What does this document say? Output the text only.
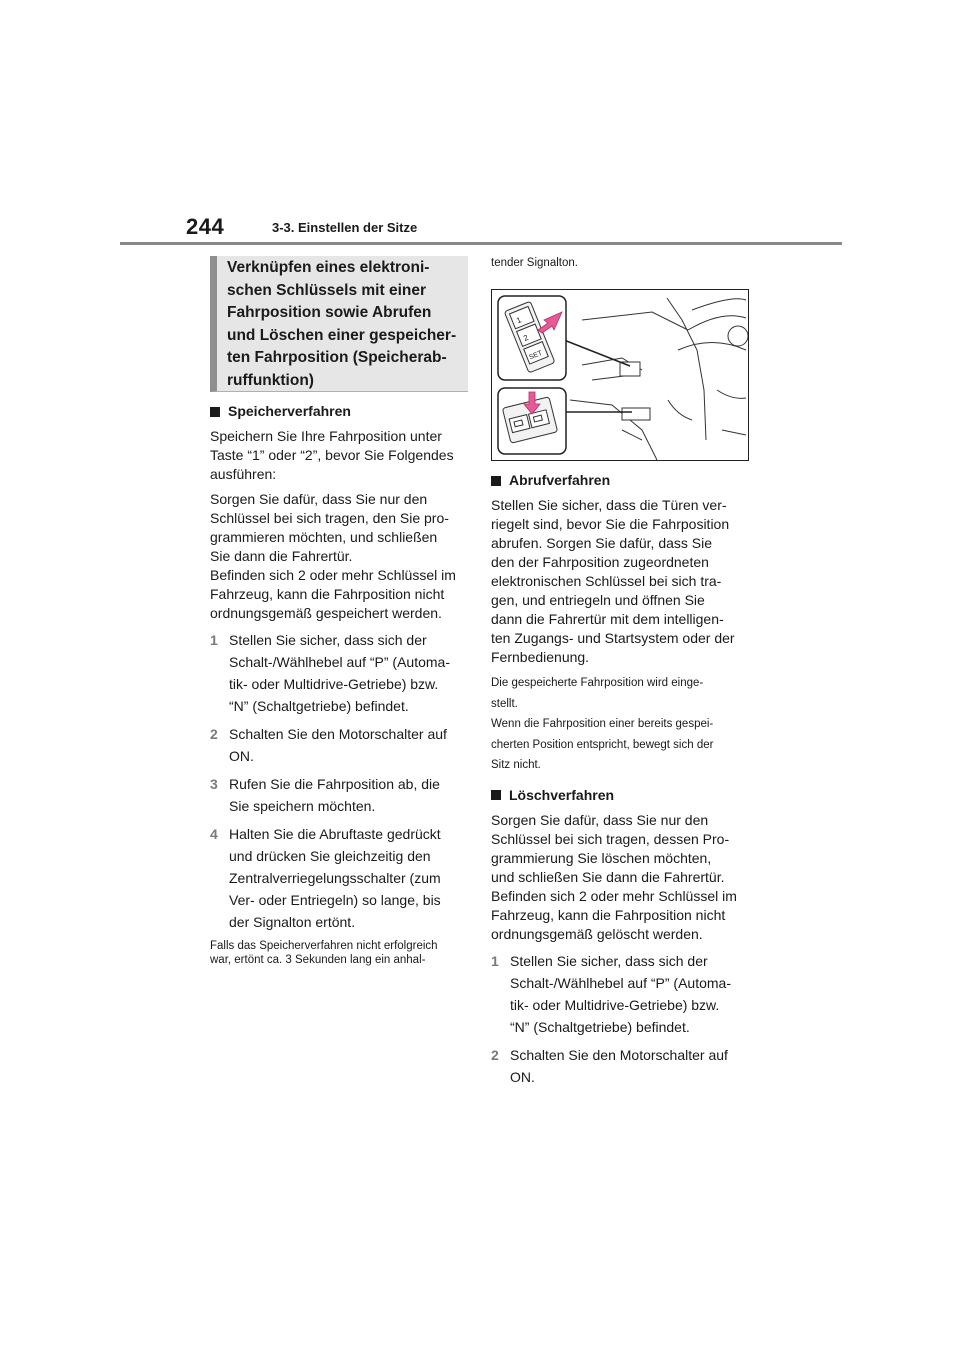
244	3-3. Einstellen der Sitze
Verknüpfen eines elektroni-
schen Schlüssels mit einer
Fahrposition sowie Abrufen
und Löschen einer gespeicher-
ten Fahrposition (Speicherab-
ruffunktion)
Speicherverfahren

Speichern Sie Ihre Fahrposition unter
Taste “1” oder “2”, bevor Sie Folgendes
ausführen:

Sorgen Sie dafür, dass Sie nur den
Schlüssel bei sich tragen, den Sie pro-
grammieren möchten, und schließen
Sie dann die Fahrertür.
Befinden sich 2 oder mehr Schlüssel im
Fahrzeug, kann die Fahrposition nicht
ordnungsgemäß gespeichert werden.

1 Stellen Sie sicher, dass sich der
Schalt-/Wählhebel auf “P” (Automa-
tik- oder Multidrive-Getriebe) bzw.
“N” (Schaltgetriebe) befindet.
2 Schalten Sie den Motorschalter auf
ON.
3 Rufen Sie die Fahrposition ab, die
Sie speichern möchten.
4 Halten Sie die Abruftaste gedrückt
und drücken Sie gleichzeitig den
Zentralverriegelungsschalter (zum
Ver- oder Entriegeln) so lange, bis
der Signalton ertönt.

Falls das Speicherverfahren nicht erfolgreich
war, ertönt ca. 3 Sekunden lang ein anhal-

tender Signalton.
1
2
SET
Abrufverfahren

Stellen Sie sicher, dass die Türen ver-
riegelt sind, bevor Sie die Fahrposition
abrufen. Sorgen Sie dafür, dass Sie
den der Fahrposition zugeordneten
elektronischen Schlüssel bei sich tra-
gen, und entriegeln und öffnen Sie
dann die Fahrertür mit dem intelligen-
ten Zugangs- und Startsystem oder der
Fernbedienung.

Die gespeicherte Fahrposition wird einge-
stellt.
Wenn die Fahrposition einer bereits gespei-
cherten Position entspricht, bewegt sich der
Sitz nicht.

Löschverfahren

Sorgen Sie dafür, dass Sie nur den
Schlüssel bei sich tragen, dessen Pro-
grammierung Sie löschen möchten,
und schließen Sie dann die Fahrertür.
Befinden sich 2 oder mehr Schlüssel im
Fahrzeug, kann die Fahrposition nicht
ordnungsgemäß gelöscht werden.

1 Stellen Sie sicher, dass sich der
Schalt-/Wählhebel auf “P” (Automa-
tik- oder Multidrive-Getriebe) bzw.
“N” (Schaltgetriebe) befindet.
2 Schalten Sie den Motorschalter auf
ON.
